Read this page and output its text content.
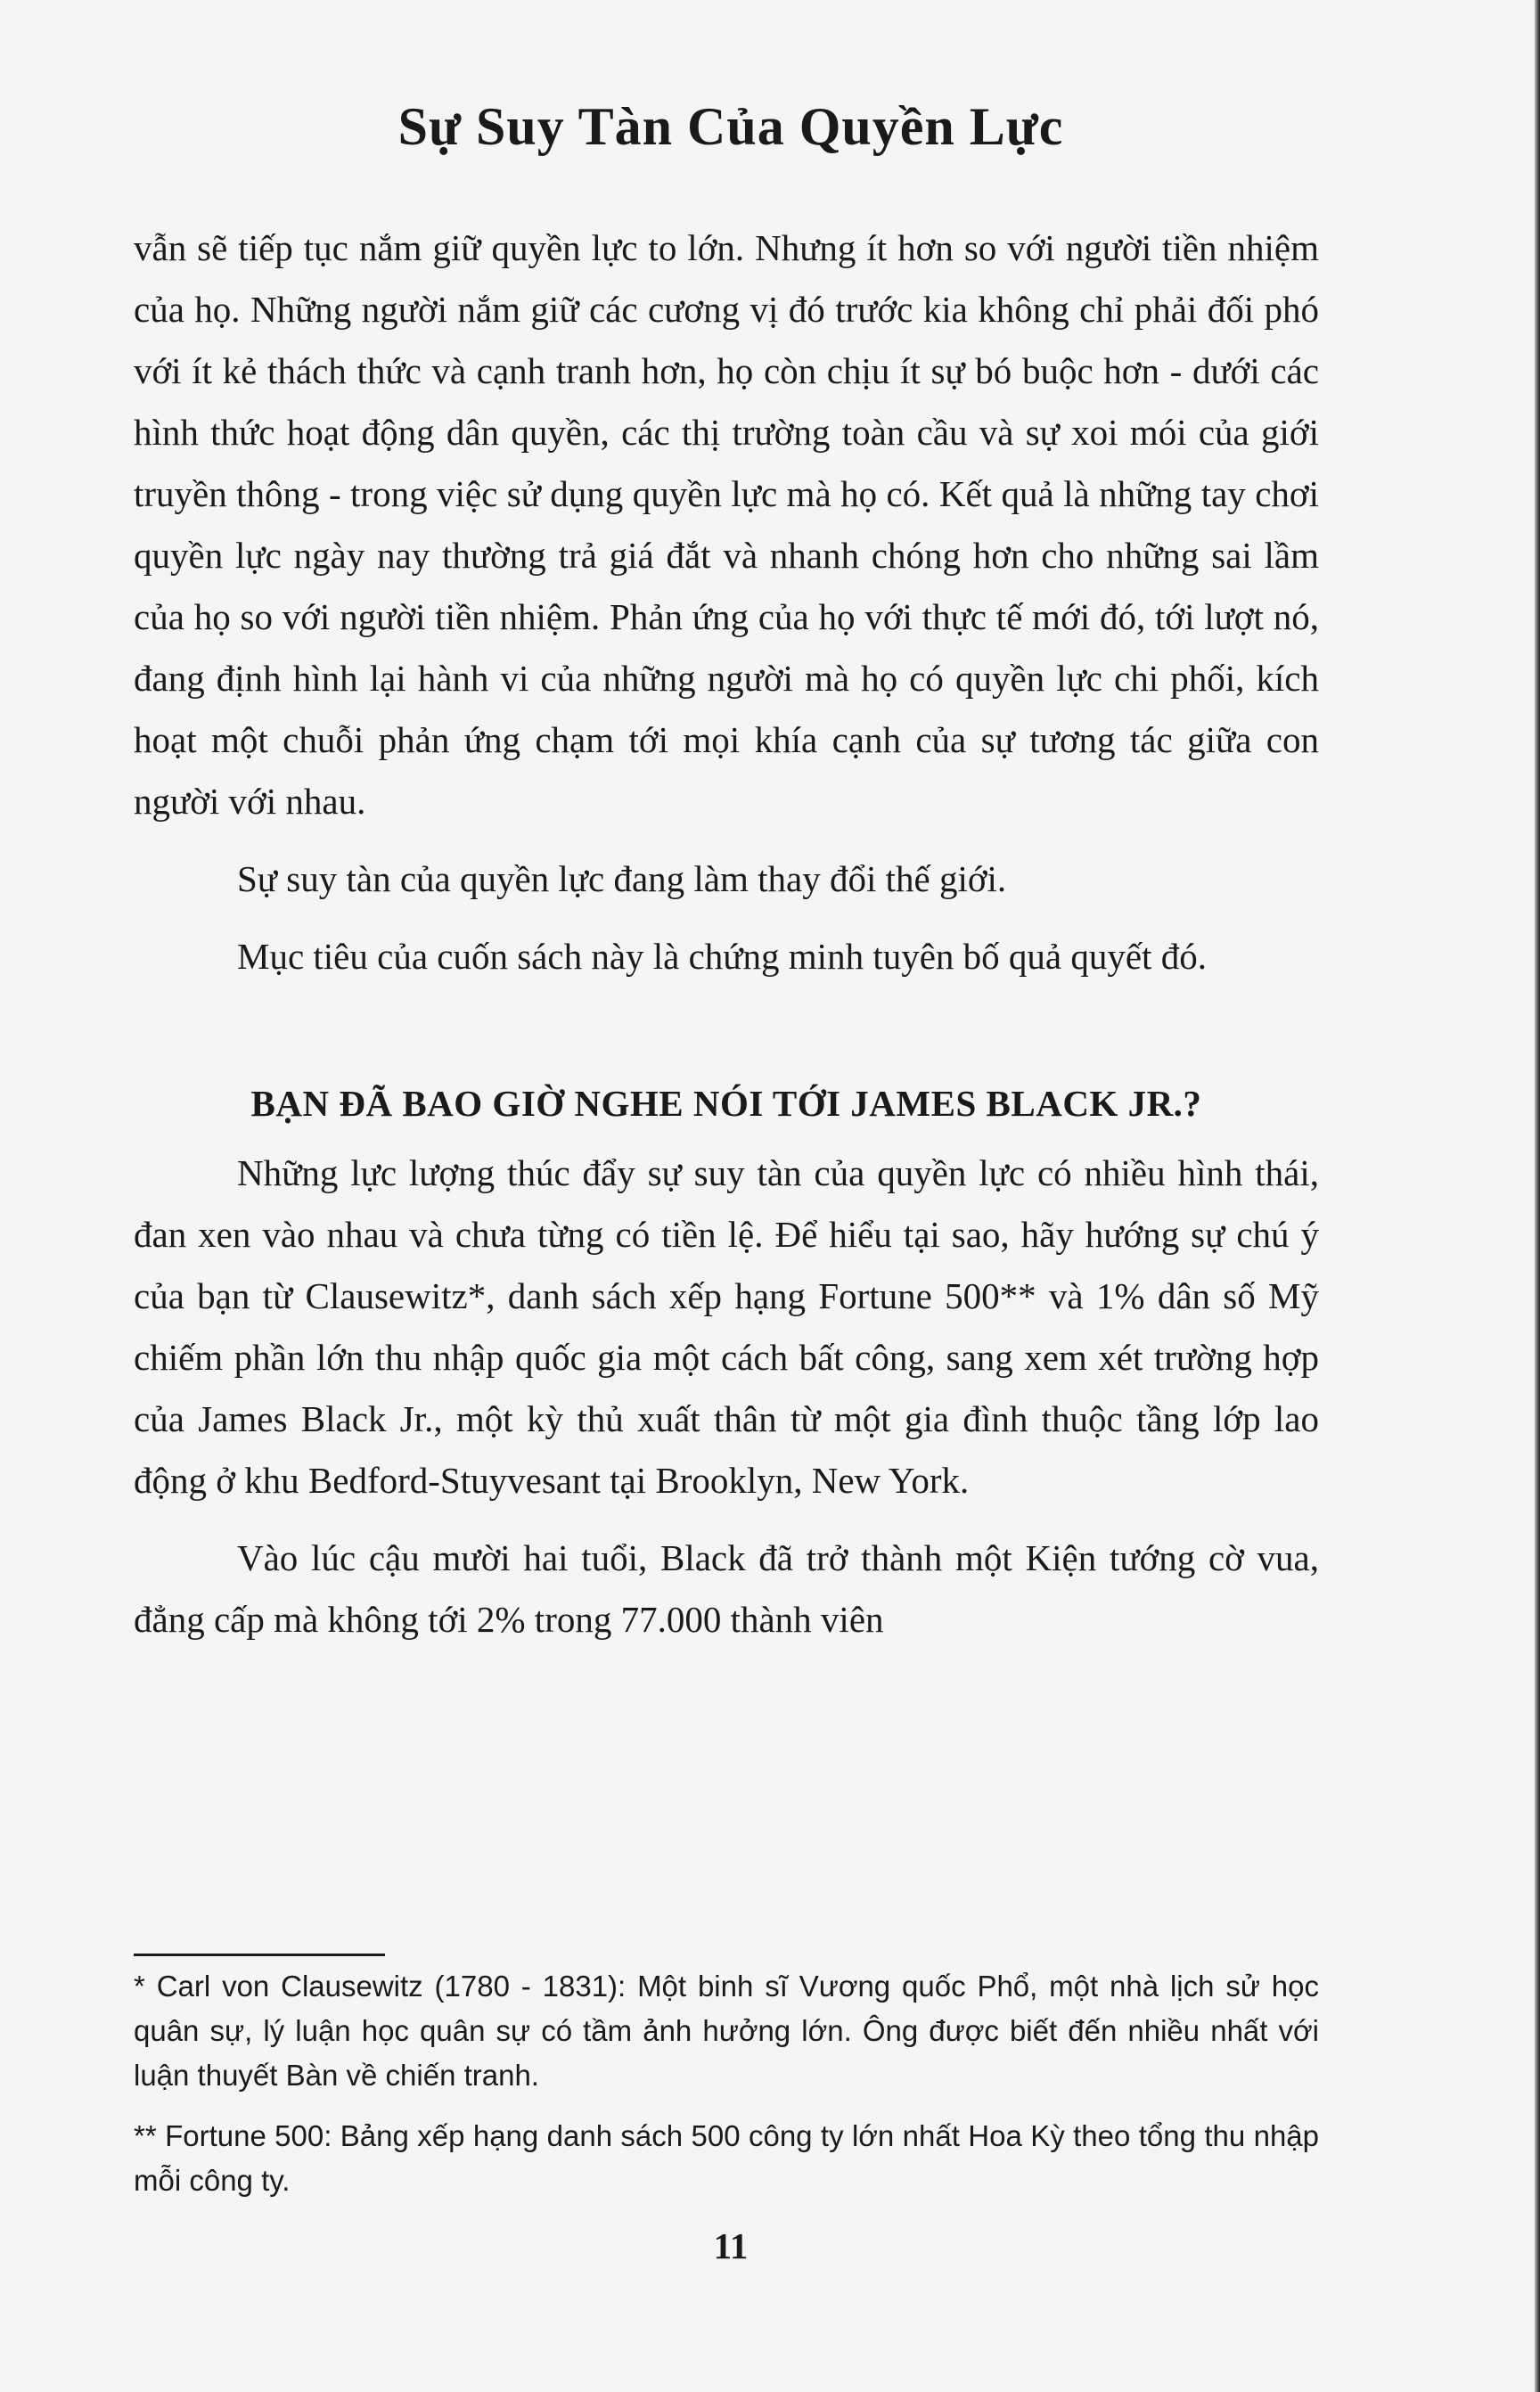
Sự Suy Tàn Của Quyền Lực

vẫn sẽ tiếp tục nắm giữ quyền lực to lớn. Nhưng ít hơn so với người tiền nhiệm của họ. Những người nắm giữ các cương vị đó trước kia không chỉ phải đối phó với ít kẻ thách thức và cạnh tranh hơn, họ còn chịu ít sự bó buộc hơn - dưới các hình thức hoạt động dân quyền, các thị trường toàn cầu và sự xoi mói của giới truyền thông - trong việc sử dụng quyền lực mà họ có. Kết quả là những tay chơi quyền lực ngày nay thường trả giá đắt và nhanh chóng hơn cho những sai lầm của họ so với người tiền nhiệm. Phản ứng của họ với thực tế mới đó, tới lượt nó, đang định hình lại hành vi của những người mà họ có quyền lực chi phối, kích hoạt một chuỗi phản ứng chạm tới mọi khía cạnh của sự tương tác giữa con người với nhau.

Sự suy tàn của quyền lực đang làm thay đổi thế giới.

Mục tiêu của cuốn sách này là chứng minh tuyên bố quả quyết đó.

BẠN ĐÃ BAO GIỜ NGHE NÓI TỚI JAMES BLACK JR.?

Những lực lượng thúc đẩy sự suy tàn của quyền lực có nhiều hình thái, đan xen vào nhau và chưa từng có tiền lệ. Để hiểu tại sao, hãy hướng sự chú ý của bạn từ Clausewitz*, danh sách xếp hạng Fortune 500** và 1% dân số Mỹ chiếm phần lớn thu nhập quốc gia một cách bất công, sang xem xét trường hợp của James Black Jr., một kỳ thủ xuất thân từ một gia đình thuộc tầng lớp lao động ở khu Bedford-Stuyvesant tại Brooklyn, New York.

Vào lúc cậu mười hai tuổi, Black đã trở thành một Kiện tướng cờ vua, đẳng cấp mà không tới 2% trong 77.000 thành viên

* Carl von Clausewitz (1780 - 1831): Một binh sĩ Vương quốc Phổ, một nhà lịch sử học quân sự, lý luận học quân sự có tầm ảnh hưởng lớn. Ông được biết đến nhiều nhất với luận thuyết Bàn về chiến tranh.

** Fortune 500: Bảng xếp hạng danh sách 500 công ty lớn nhất Hoa Kỳ theo tổng thu nhập mỗi công ty.

11
